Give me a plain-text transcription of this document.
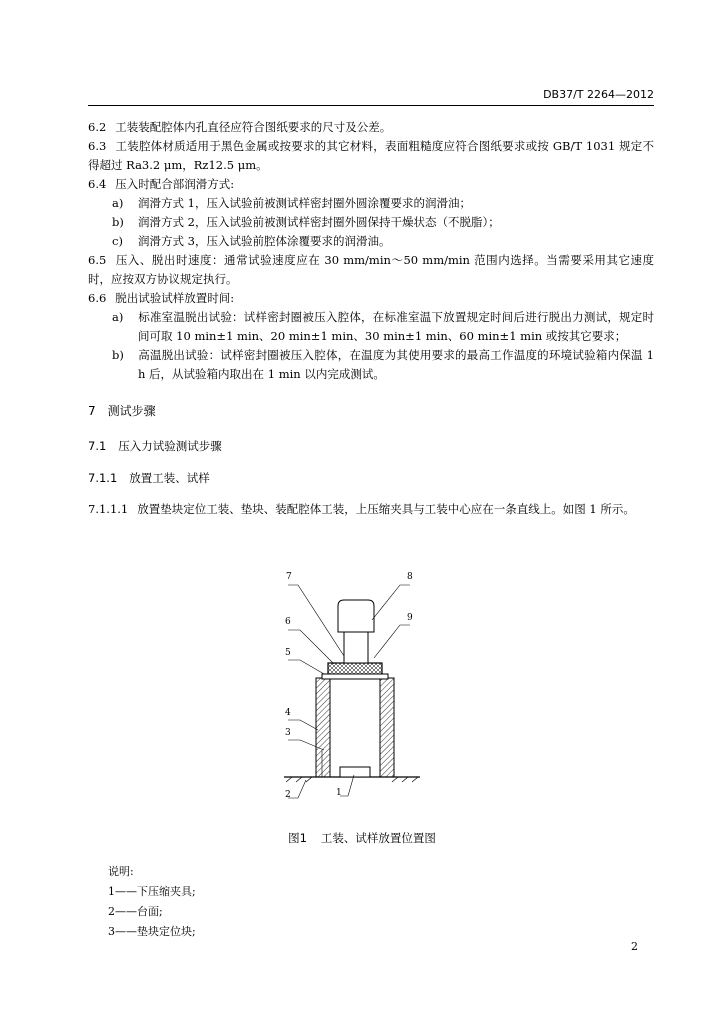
DB37/T 2264—2012

6.2 工装装配腔体内孔直径应符合图纸要求的尺寸及公差。

6.3 工装腔体材质适用于黑色金属或按要求的其它材料，表面粗糙度应符合图纸要求或按 GB/T 1031 规定不得超过 Ra3.2 μm，Rz12.5 μm。

6.4 压入时配合部润滑方式:

a) 润滑方式 1，压入试验前被测试样密封圈外圆涂覆要求的润滑油；

b) 润滑方式 2，压入试验前被测试样密封圈外圆保持干燥状态（不脱脂）；

c) 润滑方式 3，压入试验前腔体涂覆要求的润滑油。

6.5 压入、脱出时速度：通常试验速度应在 30 mm/min～50 mm/min 范围内选择。当需要采用其它速度时，应按双方协议规定执行。

6.6 脱出试验试样放置时间:

a) 标准室温脱出试验：试样密封圈被压入腔体，在标准室温下放置规定时间后进行脱出力测试，规定时间可取 10 min±1 min、20 min±1 min、30 min±1 min、60 min±1 min 或按其它要求；

b) 高温脱出试验：试样密封圈被压入腔体，在温度为其使用要求的最高工作温度的环境试验箱内保温 1 h 后，从试验箱内取出在 1 min 以内完成测试。

7 测试步骤

7.1 压入力试验测试步骤

7.1.1 放置工装、试样

7.1.1.1 放置垫块定位工装、垫块、装配腔体工装，上压缩夹具与工装中心应在一条直线上。如图 1 所示。

7	8
9
6
5
4
3
2	1
图1 工装、试样放置位置图
说明:
1——下压缩夹具;
2——台面;
3——垫块定位块;
2
